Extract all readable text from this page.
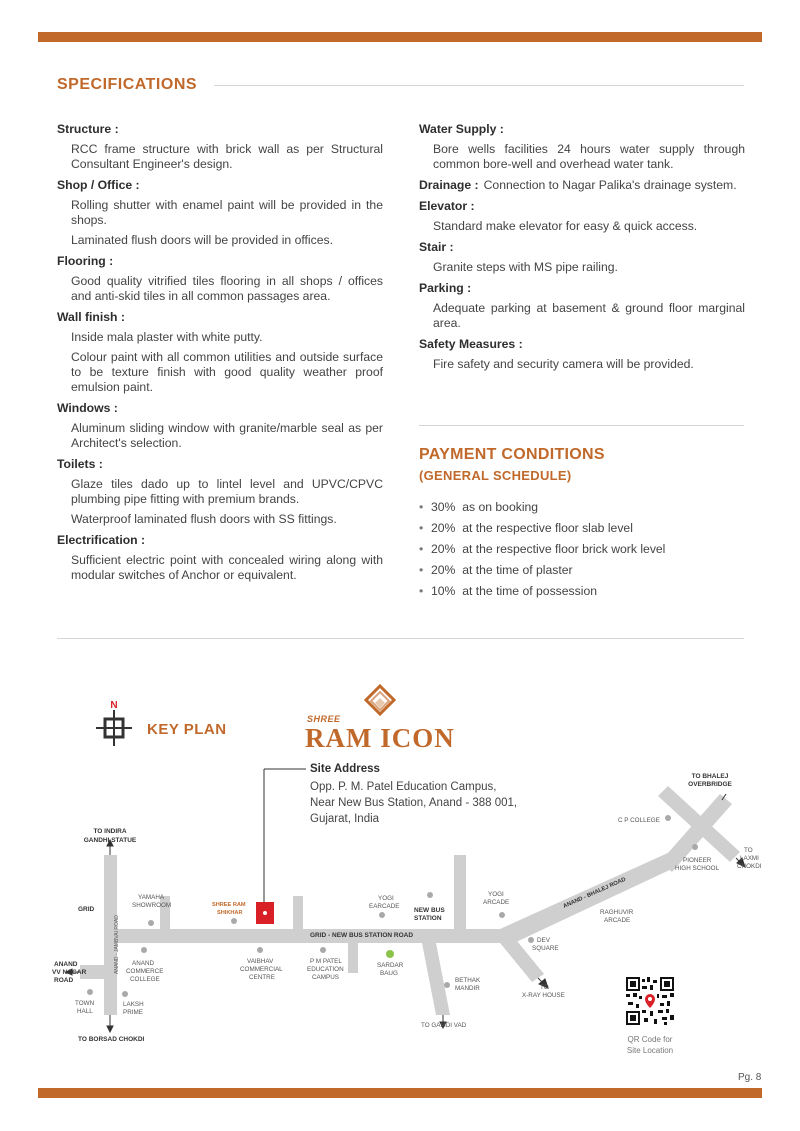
SPECIFICATIONS
Structure :
RCC frame structure with brick wall as per Structural Consultant Engineer's design.
Shop / Office :
Rolling shutter with enamel paint will be provided in the shops.
Laminated flush doors will be provided in offices.
Flooring :
Good quality vitrified tiles flooring in all shops / offices and anti-skid tiles in all common passages area.
Wall finish :
Inside mala plaster with white putty.
Colour paint with all common utilities and outside surface to be texture finish with good quality weather proof emulsion paint.
Windows :
Aluminum sliding window with granite/marble seal as per Architect's selection.
Toilets :
Glaze tiles dado up to lintel level and UPVC/CPVC plumbing pipe fitting with premium brands.
Waterproof laminated flush doors with SS fittings.
Electrification :
Sufficient electric point with concealed wiring along with modular switches of Anchor or equivalent.
Water Supply :
Bore wells facilities 24 hours water supply through common bore-well and overhead water tank.
Drainage : Connection to Nagar Palika's drainage system.
Elevator :
Standard make elevator for easy & quick access.
Stair :
Granite steps with MS pipe railing.
Parking :
Adequate parking at basement & ground floor marginal area.
Safety Measures :
Fire safety and security camera will be provided.
PAYMENT CONDITIONS
(GENERAL SCHEDULE)
• 30%
as on booking
• 20%
at the respective floor slab level
• 20%
at the respective floor brick work level
• 20%
at the time of plaster
• 10%
at the time of possession
N
KEY PLAN
SHREE
RAM ICON
Site Address
Opp. P. M. Patel Education Campus,
Near New Bus Station, Anand - 388 001,
Gujarat, India
TO INDIRA
GANDHI STATUE
GRID
ANAND
VV NAGAR
ROAD
TO BORSAD CHOKDI
GRID - NEW BUS STATION ROAD
NEW BUS
STATION
TO BHALEJ
OVERBRIDGE
ANAND - JAMBVAI ROAD
YAMAHA
SHOWROOM	SHREE RAM
SHIKHAR
ANAND
COMMERCE
COLLEGE
TOWN
HALL
LAKSH
PRIME
VAIBHAV
COMMERCIAL
CENTRE
P M PATEL
EDUCATION
CAMPUS
YOGI
EARCADE
SARDAR
BAUG
BETHAK
MANDIR
TO GAMDI VAD
YOGI
ARCADE
DEV
SQUARE
TO
X-RAY HOUSE
RAGHUVIR
ARCADE
PIONEER
HIGH SCHOOL
C P COLLEGE
TO
LAXMI
CHOKDI
ANAND - BHALEJ ROAD
QR Code for
Site Location
Pg. 8
